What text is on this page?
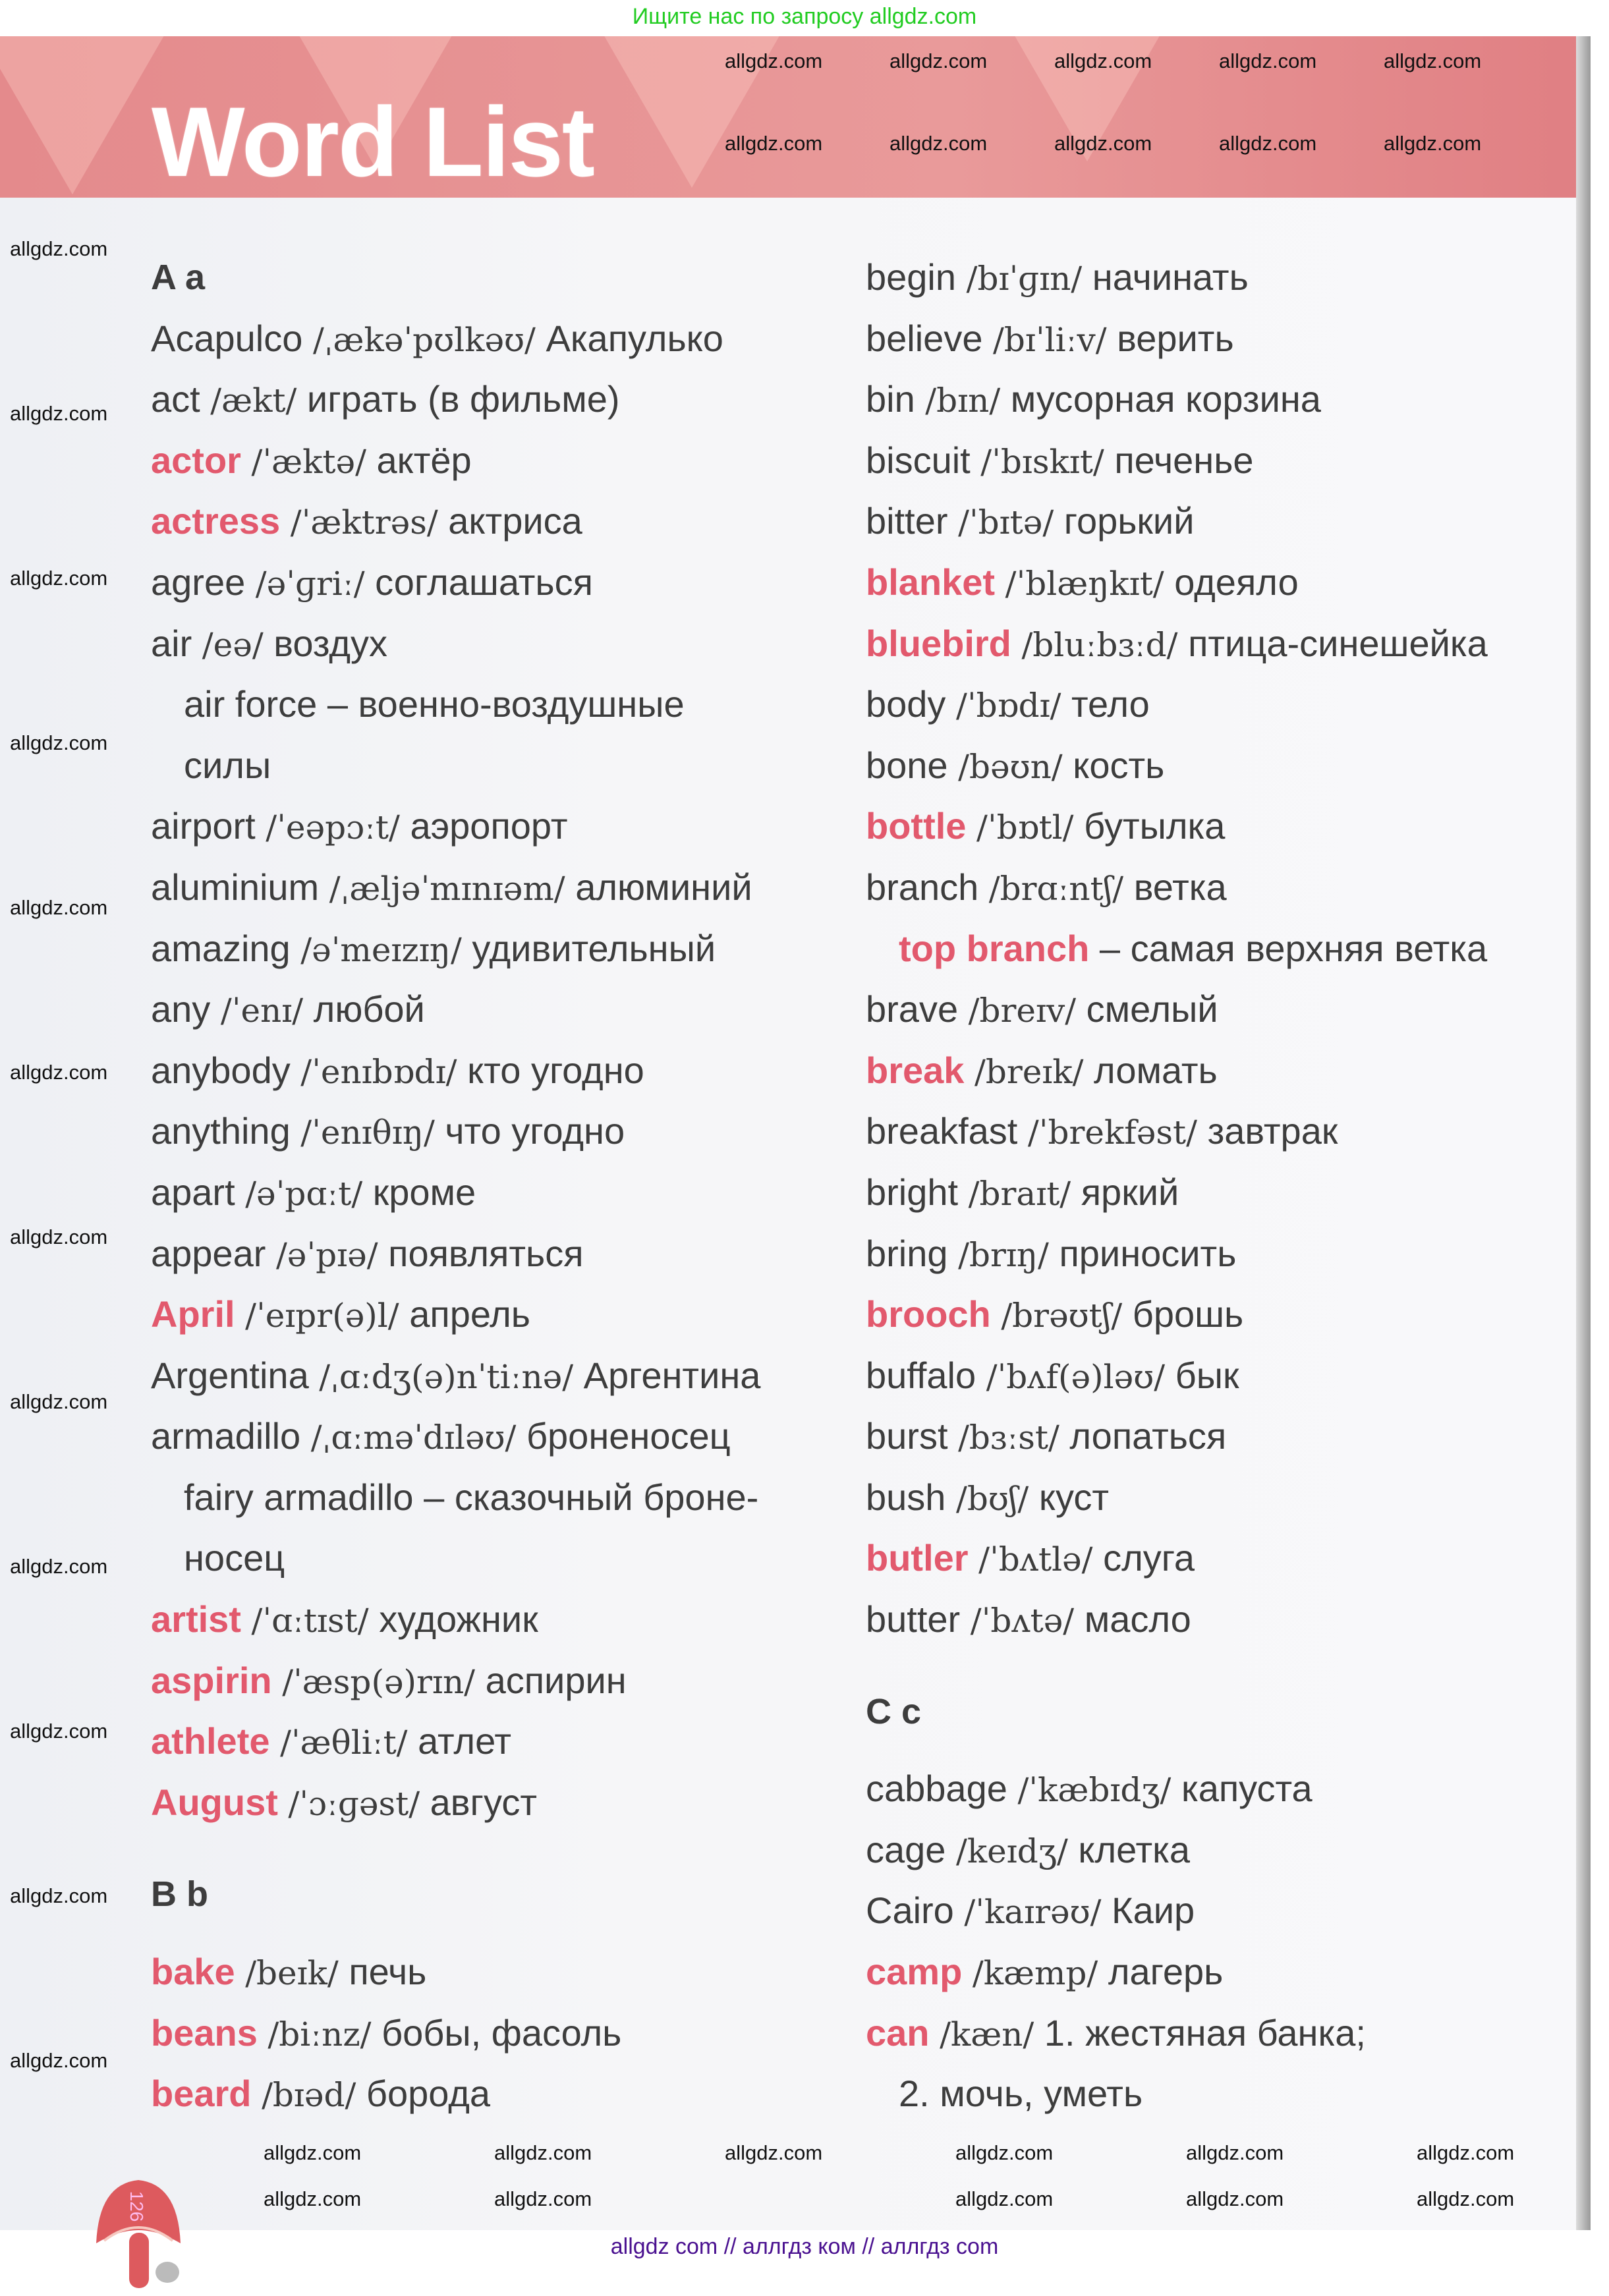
Ищите нас по запросу allgdz.com
Word List
A a
Acapulco /ˌækəˈpʊlkəʊ/ Акапулько
act /ækt/ играть (в фильме)
actor /ˈæktə/ актёр
actress /ˈæktrəs/ актриса
agree /əˈɡriː/ соглашаться
air /eə/ воздух
air force – военно-воздушные
силы
airport /ˈeəpɔːt/ аэропорт
aluminium /ˌæljəˈmɪnɪəm/ алюминий
amazing /əˈmeɪzɪŋ/ удивительный
any /ˈenɪ/ любой
anybody /ˈenɪbɒdɪ/ кто угодно
anything /ˈenɪθɪŋ/ что угодно
apart /əˈpɑːt/ кроме
appear /əˈpɪə/ появляться
April /ˈeɪpr(ə)l/ апрель
Argentina /ˌɑːdʒ(ə)nˈtiːnə/ Аргентина
armadillo /ˌɑːməˈdɪləʊ/ броненосец
fairy armadillo – сказочный броне-
носец
artist /ˈɑːtɪst/ художник
aspirin /ˈæsp(ə)rɪn/ аспирин
athlete /ˈæθliːt/ атлет
August /ˈɔːɡəst/ август
B b
bake /beɪk/ печь
beans /biːnz/ бобы, фасоль
beard /bɪəd/ борода
begin /bɪˈɡɪn/ начинать
believe /bɪˈliːv/ верить
bin /bɪn/ мусорная корзина
biscuit /ˈbɪskɪt/ печенье
bitter /ˈbɪtə/ горький
blanket /ˈblæŋkɪt/ одеяло
bluebird /bluːbɜːd/ птица-синешейка
body /ˈbɒdɪ/ тело
bone /bəʊn/ кость
bottle /ˈbɒtl/ бутылка
branch /brɑːntʃ/ ветка
top branch – самая верхняя ветка
brave /breɪv/ смелый
break /breɪk/ ломать
breakfast /ˈbrekfəst/ завтрак
bright /braɪt/ яркий
bring /brɪŋ/ приносить
brooch /brəʊtʃ/ брошь
buffalo /ˈbʌf(ə)ləʊ/ бык
burst /bɜːst/ лопаться
bush /bʊʃ/ куст
butler /ˈbʌtlə/ слуга
butter /ˈbʌtə/ масло
C c
cabbage /ˈkæbɪdʒ/ капуста
cage /keɪdʒ/ клетка
Cairo /ˈkaɪrəʊ/ Каир
camp /kæmp/ лагерь
can /kæn/ 1. жестяная банка;
2. мочь, уметь
126
allgdz.com
allgdz.com
allgdz.com
allgdz.com
allgdz.com
allgdz.com
allgdz.com
allgdz.com
allgdz.com
allgdz.com
allgdz.com
allgdz.com
allgdz.com
allgdz.com
allgdz.com
allgdz.com
allgdz.com
allgdz.com
allgdz.com
allgdz.com
allgdz.com
allgdz.com
allgdz.com	allgdz.com	allgdz.com	allgdz.com	allgdz.com	allgdz.com
allgdz.com	allgdz.com	allgdz.com	allgdz.com	allgdz.com
allgdz com // аллгдз ком // аллгдз com
